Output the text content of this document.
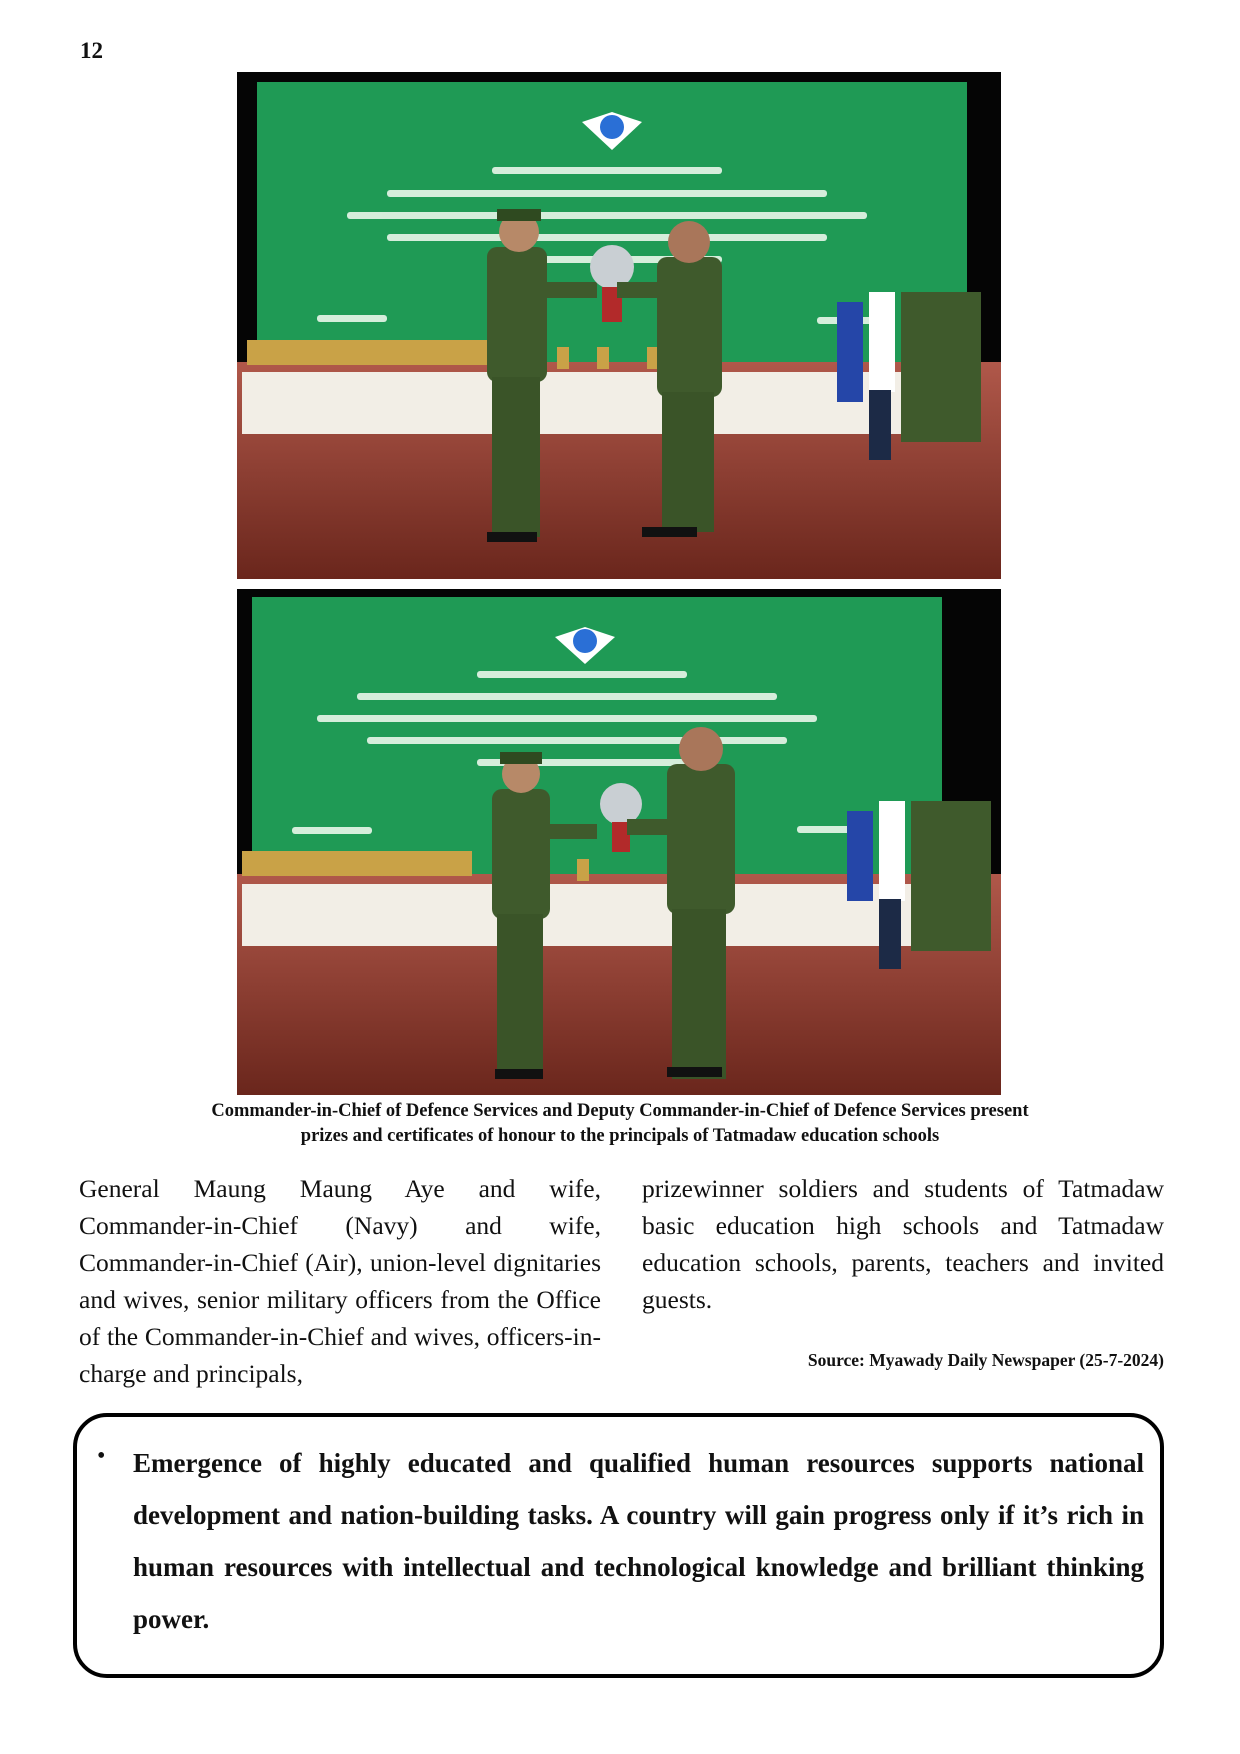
12
Commander-in-Chief of Defence Services and Deputy Commander-in-Chief of Defence Services present
prizes and certificates of honour to the principals of Tatmadaw education schools

General Maung Maung Aye and wife, Commander-in-Chief (Navy) and wife, Commander-in-Chief (Air), union-level dignitaries and wives, senior military officers from the Office of the Commander-in-Chief and wives, officers-in-charge and principals,

prizewinner soldiers and students of Tatmadaw basic education high schools and Tatmadaw education schools, parents, teachers and invited guests.

Source: Myawady Daily Newspaper (25-7-2024)
• Emergence of highly educated and qualified human resources supports national development and nation-building tasks. A country will gain progress only if it’s rich in human resources with intellectual and technological knowledge and brilliant thinking power.
